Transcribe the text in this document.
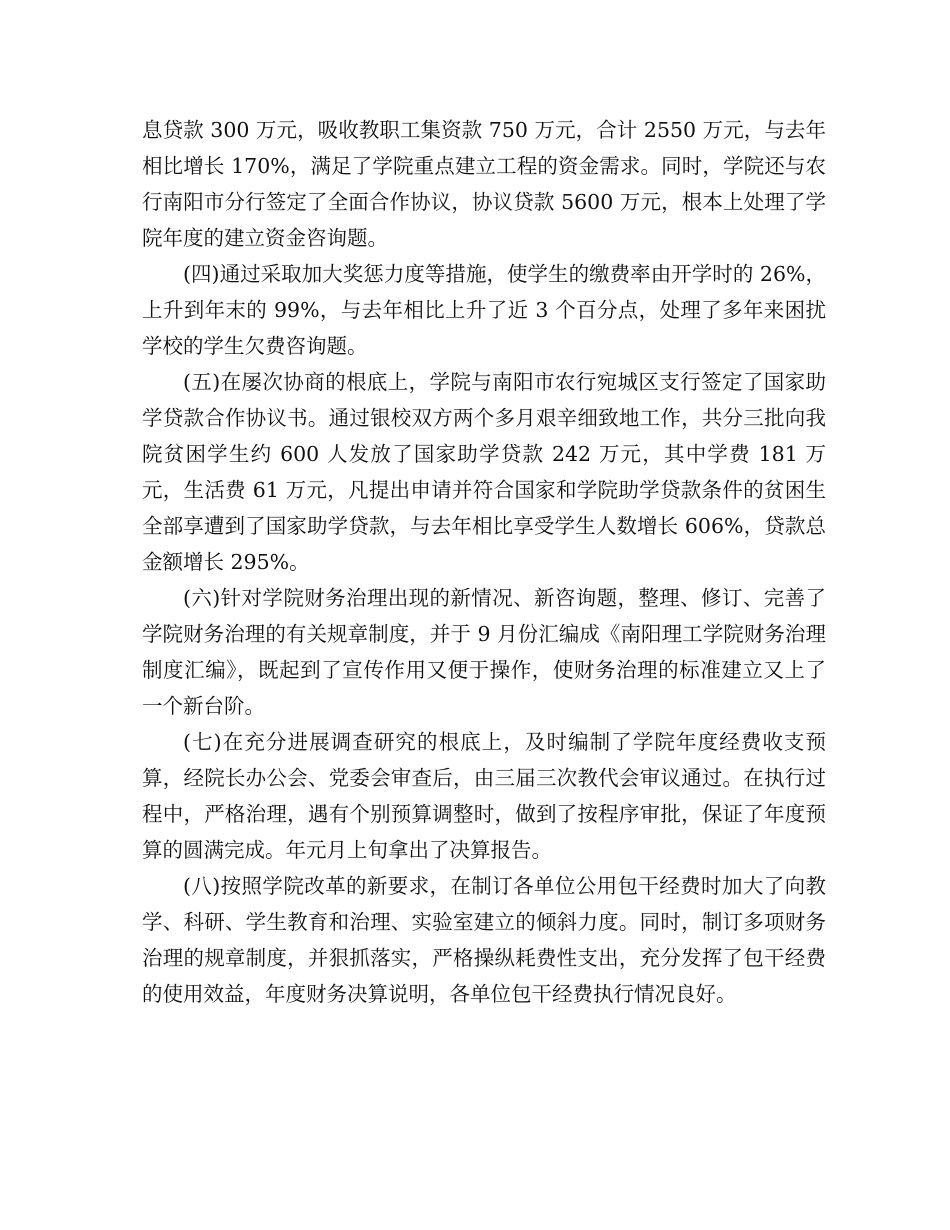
息贷款 300 万元，吸收教职工集资款 750 万元，合计 2550 万元，与去年相比增长 170%，满足了学院重点建立工程的资金需求。同时，学院还与农行南阳市分行签定了全面合作协议，协议贷款 5600 万元，根本上处理了学院年度的建立资金咨询题。

(四)通过采取加大奖惩力度等措施，使学生的缴费率由开学时的 26%，上升到年末的 99%，与去年相比上升了近 3 个百分点，处理了多年来困扰学校的学生欠费咨询题。

(五)在屡次协商的根底上，学院与南阳市农行宛城区支行签定了国家助学贷款合作协议书。通过银校双方两个多月艰辛细致地工作，共分三批向我院贫困学生约 600 人发放了国家助学贷款 242 万元，其中学费 181 万元，生活费 61 万元，凡提出申请并符合国家和学院助学贷款条件的贫困生全部享遭到了国家助学贷款，与去年相比享受学生人数增长 606%，贷款总金额增长 295%。

(六)针对学院财务治理出现的新情况、新咨询题，整理、修订、完善了学院财务治理的有关规章制度，并于 9 月份汇编成《南阳理工学院财务治理制度汇编》，既起到了宣传作用又便于操作，使财务治理的标准建立又上了一个新台阶。

(七)在充分进展调查研究的根底上，及时编制了学院年度经费收支预算，经院长办公会、党委会审查后，由三届三次教代会审议通过。在执行过程中，严格治理，遇有个别预算调整时，做到了按程序审批，保证了年度预算的圆满完成。年元月上旬拿出了决算报告。

(八)按照学院改革的新要求，在制订各单位公用包干经费时加大了向教学、科研、学生教育和治理、实验室建立的倾斜力度。同时，制订多项财务治理的规章制度，并狠抓落实，严格操纵耗费性支出，充分发挥了包干经费的使用效益，年度财务决算说明，各单位包干经费执行情况良好。
